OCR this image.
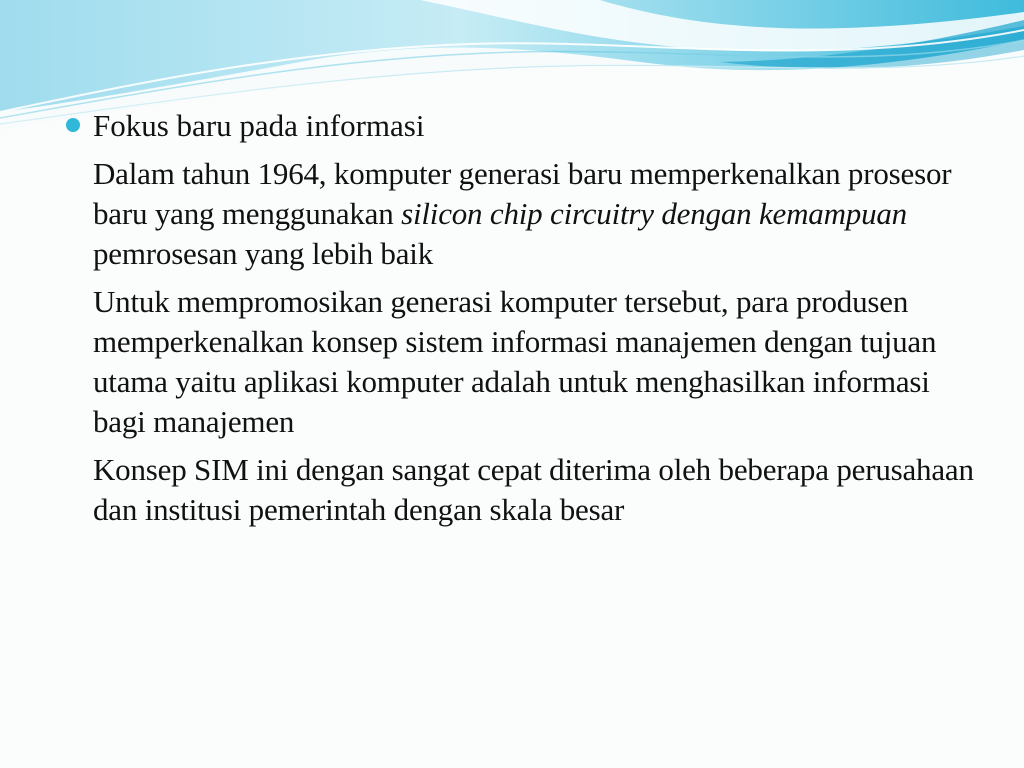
Fokus baru pada informasi
Dalam tahun 1964, komputer generasi baru memperkenalkan prosesor baru yang menggunakan silicon chip circuitry dengan kemampuan pemrosesan yang lebih baik
Untuk mempromosikan generasi komputer tersebut, para produsen memperkenalkan konsep sistem informasi manajemen dengan tujuan utama yaitu aplikasi komputer adalah untuk menghasilkan informasi bagi manajemen
Konsep SIM ini dengan sangat cepat diterima oleh beberapa perusahaan dan institusi pemerintah dengan skala besar
